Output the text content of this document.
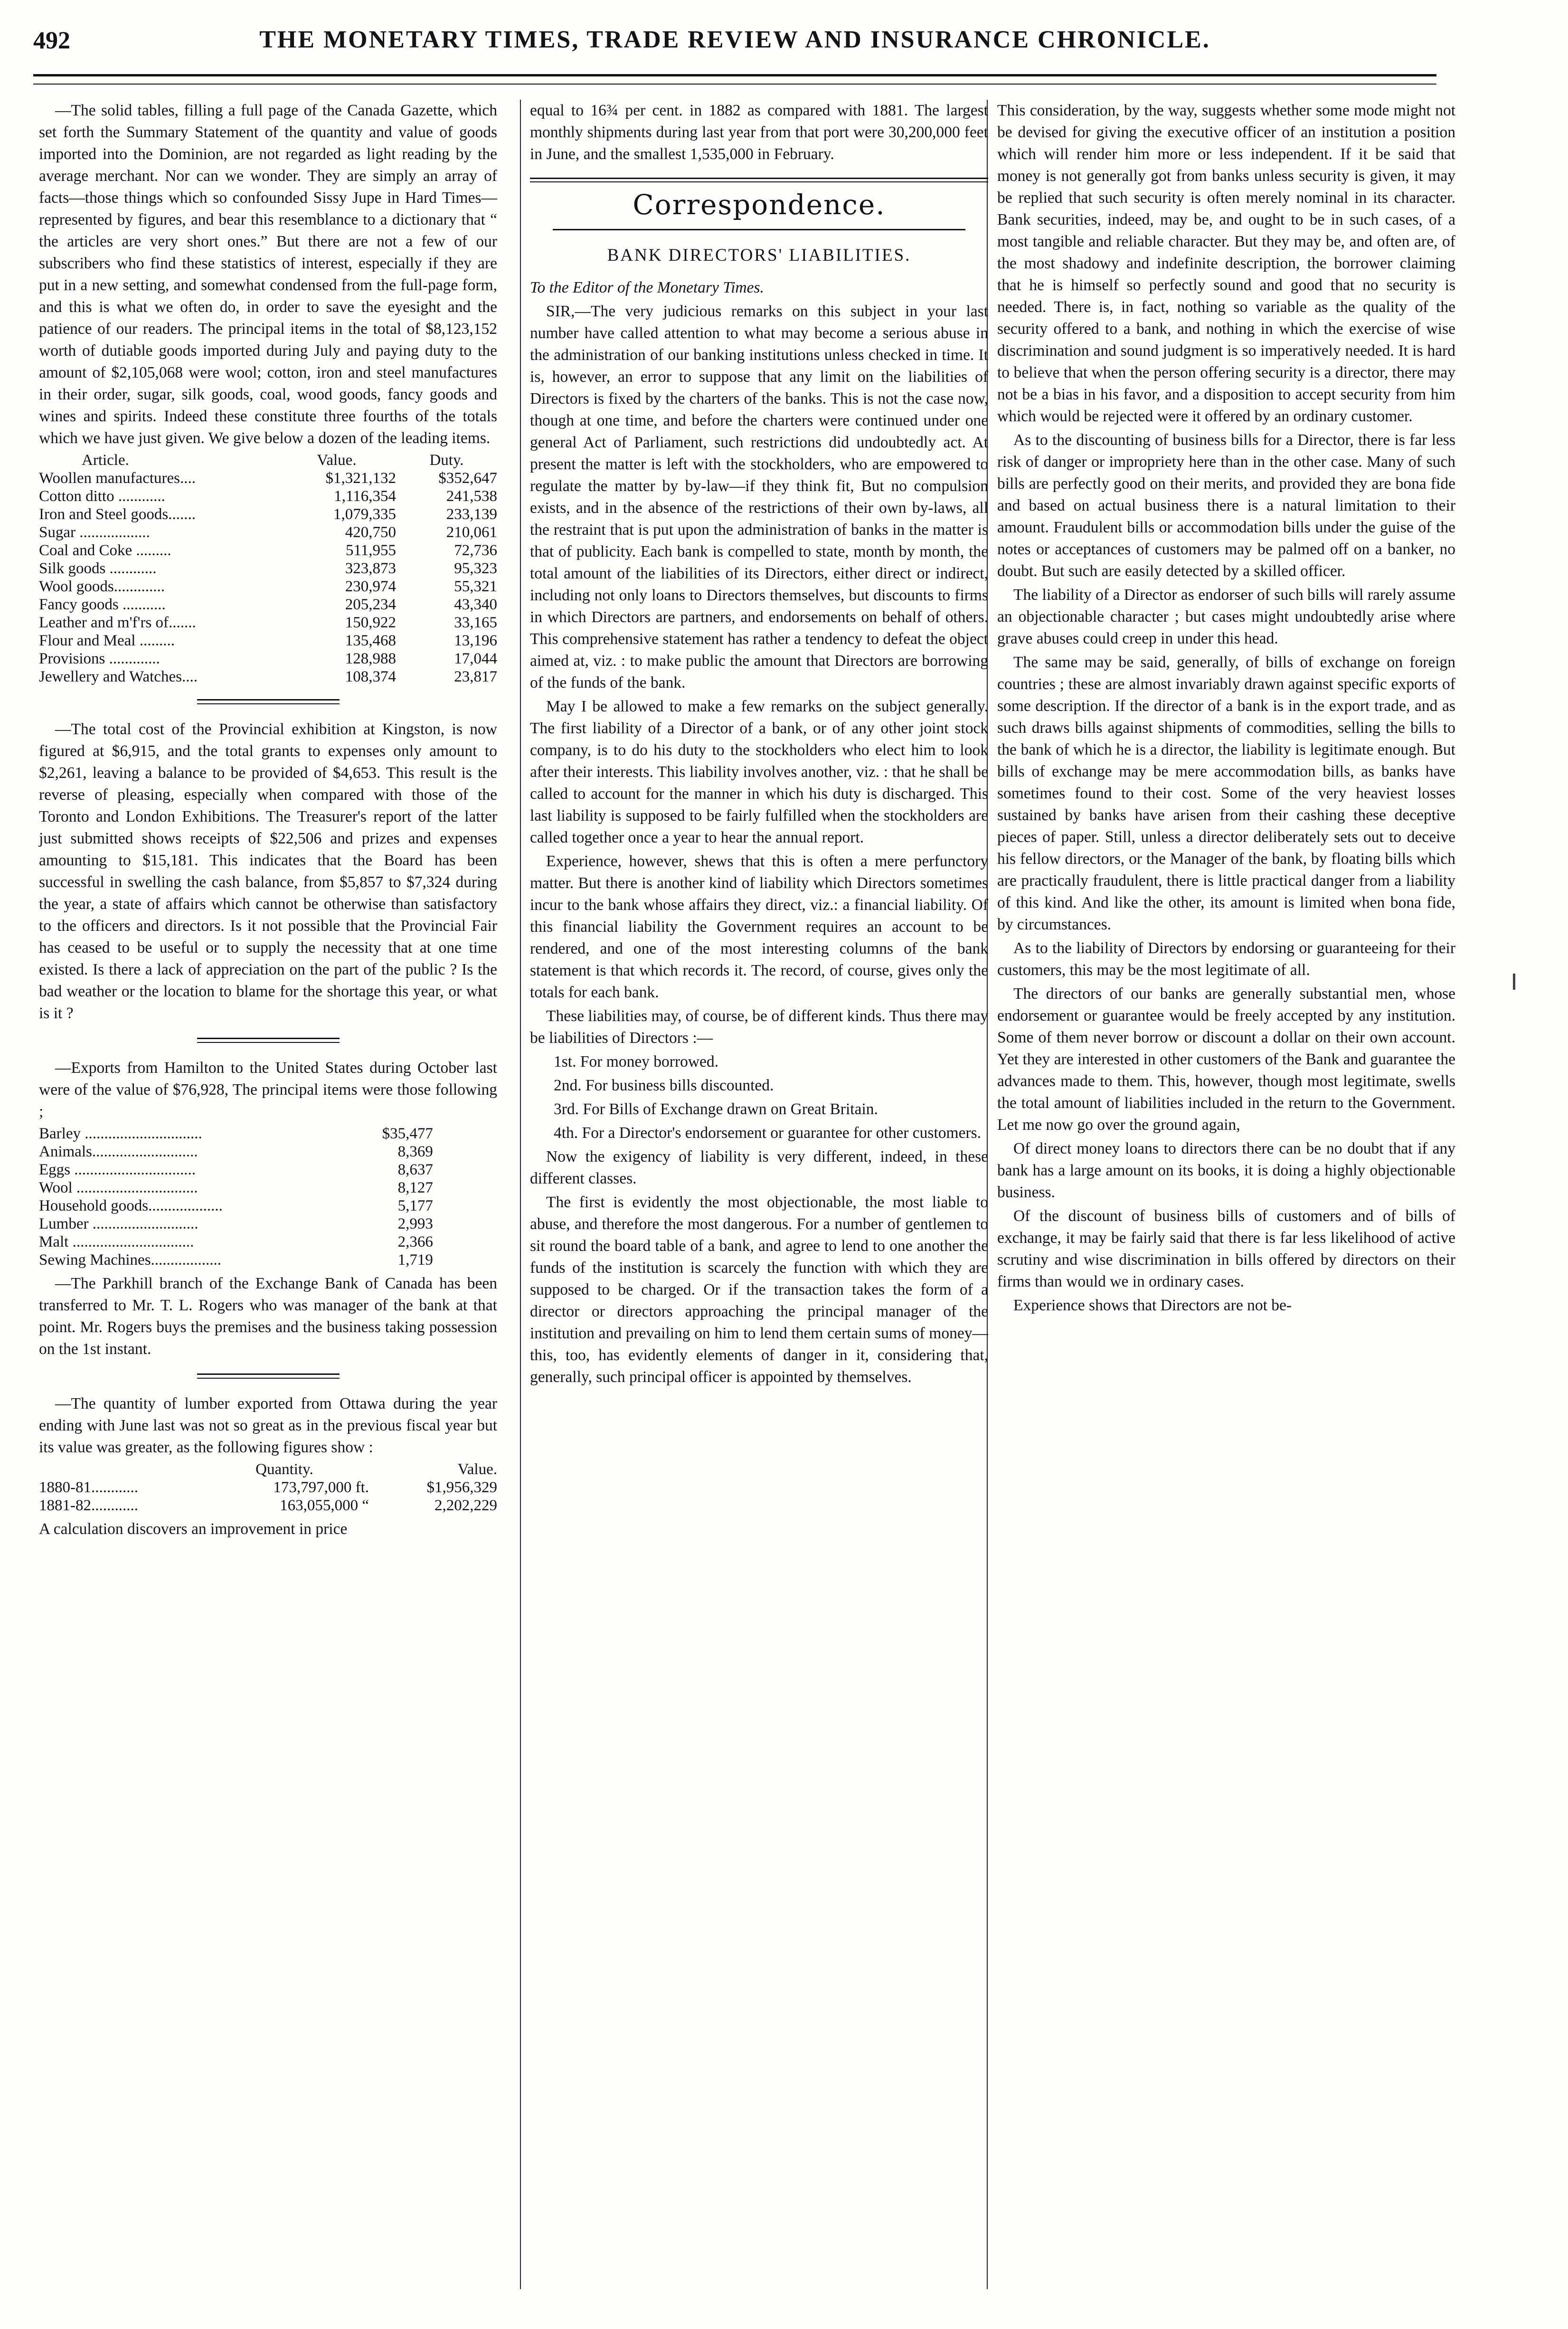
492	THE MONETARY TIMES, TRADE REVIEW AND INSURANCE CHRONICLE.

—The solid tables, filling a full page of the Canada Gazette, which set forth the Summary Statement of the quantity and value of goods imported into the Dominion, are not regarded as light reading by the average merchant. Nor can we wonder. They are simply an array of facts—those things which so confounded Sissy Jupe in Hard Times—represented by figures, and bear this resemblance to a dictionary that “ the articles are very short ones.” But there are not a few of our subscribers who find these statistics of interest, especially if they are put in a new setting, and somewhat condensed from the full-page form, and this is what we often do, in order to save the eyesight and the patience of our readers. The principal items in the total of $8,123,152 worth of dutiable goods imported during July and paying duty to the amount of $2,105,068 were wool; cotton, iron and steel manufactures in their order, sugar, silk goods, coal, wood goods, fancy goods and wines and spirits. Indeed these constitute three fourths of the totals which we have just given. We give below a dozen of the leading items.

Article.	Value.	Duty.
Woollen manufactures....	$1,321,132	$352,647
Cotton ditto ............	1,116,354	241,538
Iron and Steel goods.......	1,079,335	233,139
Sugar ..................	420,750	210,061
Coal and Coke .........	511,955	72,736
Silk goods ............	323,873	95,323
Wool goods.............	230,974	55,321
Fancy goods ...........	205,234	43,340
Leather and m'f'rs of.......	150,922	33,165
Flour and Meal .........	135,468	13,196
Provisions .............	128,988	17,044
Jewellery and Watches....	108,374	23,817

—The total cost of the Provincial exhibition at Kingston, is now figured at $6,915, and the total grants to expenses only amount to $2,261, leaving a balance to be provided of $4,653. This result is the reverse of pleasing, especially when compared with those of the Toronto and London Exhibitions. The Treasurer's report of the latter just submitted shows receipts of $22,506 and prizes and expenses amounting to $15,181. This indicates that the Board has been successful in swelling the cash balance, from $5,857 to $7,324 during the year, a state of affairs which cannot be otherwise than satisfactory to the officers and directors. Is it not possible that the Provincial Fair has ceased to be useful or to supply the necessity that at one time existed. Is there a lack of appreciation on the part of the public ? Is the bad weather or the location to blame for the shortage this year, or what is it ?

—Exports from Hamilton to the United States during October last were of the value of $76,928, The principal items were those following ;

Barley ..............................	$35,477
Animals...........................	8,369
Eggs ...............................	8,637
Wool ...............................	8,127
Household goods...................	5,177
Lumber ...........................	2,993
Malt ...............................	2,366
Sewing Machines..................	1,719

—The Parkhill branch of the Exchange Bank of Canada has been transferred to Mr. T. L. Rogers who was manager of the bank at that point. Mr. Rogers buys the premises and the business taking possession on the 1st instant.

—The quantity of lumber exported from Ottawa during the year ending with June last was not so great as in the previous fiscal year but its value was greater, as the following figures show :

	Quantity.	Value.
1880-81............	173,797,000 ft.	$1,956,329
1881-82............	163,055,000 “	2,202,229

A calculation discovers an improvement in price

equal to 16¾ per cent. in 1882 as compared with 1881. The largest monthly shipments during last year from that port were 30,200,000 feet in June, and the smallest 1,535,000 in February.

Correspondence.
BANK DIRECTORS' LIABILITIES.

To the Editor of the Monetary Times.

SIR,—The very judicious remarks on this subject in your last number have called attention to what may become a serious abuse in the administration of our banking institutions unless checked in time. It is, however, an error to suppose that any limit on the liabilities of Directors is fixed by the charters of the banks. This is not the case now, though at one time, and before the charters were continued under one general Act of Parliament, such restrictions did undoubtedly act. At present the matter is left with the stockholders, who are empowered to regulate the matter by by-law—if they think fit, But no compulsion exists, and in the absence of the restrictions of their own by-laws, all the restraint that is put upon the administration of banks in the matter is that of publicity. Each bank is compelled to state, month by month, the total amount of the liabilities of its Directors, either direct or indirect, including not only loans to Directors themselves, but discounts to firms in which Directors are partners, and endorsements on behalf of others. This comprehensive statement has rather a tendency to defeat the object aimed at, viz. : to make public the amount that Directors are borrowing of the funds of the bank.

May I be allowed to make a few remarks on the subject generally. The first liability of a Director of a bank, or of any other joint stock company, is to do his duty to the stockholders who elect him to look after their interests. This liability involves another, viz. : that he shall be called to account for the manner in which his duty is discharged. This last liability is supposed to be fairly fulfilled when the stockholders are called together once a year to hear the annual report.

Experience, however, shews that this is often a mere perfunctory matter. But there is another kind of liability which Directors sometimes incur to the bank whose affairs they direct, viz.: a financial liability. Of this financial liability the Government requires an account to be rendered, and one of the most interesting columns of the bank statement is that which records it. The record, of course, gives only the totals for each bank.

These liabilities may, of course, be of different kinds. Thus there may be liabilities of Directors :—

1st. For money borrowed.

2nd. For business bills discounted.

3rd. For Bills of Exchange drawn on Great Britain.

4th. For a Director's endorsement or guarantee for other customers.

Now the exigency of liability is very different, indeed, in these different classes.

The first is evidently the most objectionable, the most liable to abuse, and therefore the most dangerous. For a number of gentlemen to sit round the board table of a bank, and agree to lend to one another the funds of the institution is scarcely the function with which they are supposed to be charged. Or if the transaction takes the form of a director or directors approaching the principal manager of the institution and prevailing on him to lend them certain sums of money—this, too, has evidently elements of danger in it, considering that, generally, such principal officer is appointed by themselves.

This consideration, by the way, suggests whether some mode might not be devised for giving the executive officer of an institution a position which will render him more or less independent. If it be said that money is not generally got from banks unless security is given, it may be replied that such security is often merely nominal in its character. Bank securities, indeed, may be, and ought to be in such cases, of a most tangible and reliable character. But they may be, and often are, of the most shadowy and indefinite description, the borrower claiming that he is himself so perfectly sound and good that no security is needed. There is, in fact, nothing so variable as the quality of the security offered to a bank, and nothing in which the exercise of wise discrimination and sound judgment is so imperatively needed. It is hard to believe that when the person offering security is a director, there may not be a bias in his favor, and a disposition to accept security from him which would be rejected were it offered by an ordinary customer.

As to the discounting of business bills for a Director, there is far less risk of danger or impropriety here than in the other case. Many of such bills are perfectly good on their merits, and provided they are bona fide and based on actual business there is a natural limitation to their amount. Fraudulent bills or accommodation bills under the guise of the notes or acceptances of customers may be palmed off on a banker, no doubt. But such are easily detected by a skilled officer.

The liability of a Director as endorser of such bills will rarely assume an objectionable character ; but cases might undoubtedly arise where grave abuses could creep in under this head.

The same may be said, generally, of bills of exchange on foreign countries ; these are almost invariably drawn against specific exports of some description. If the director of a bank is in the export trade, and as such draws bills against shipments of commodities, selling the bills to the bank of which he is a director, the liability is legitimate enough. But bills of exchange may be mere accommodation bills, as banks have sometimes found to their cost. Some of the very heaviest losses sustained by banks have arisen from their cashing these deceptive pieces of paper. Still, unless a director deliberately sets out to deceive his fellow directors, or the Manager of the bank, by floating bills which are practically fraudulent, there is little practical danger from a liability of this kind. And like the other, its amount is limited when bona fide, by circumstances.

As to the liability of Directors by endorsing or guaranteeing for their customers, this may be the most legitimate of all.

The directors of our banks are generally substantial men, whose endorsement or guarantee would be freely accepted by any institution. Some of them never borrow or discount a dollar on their own account. Yet they are interested in other customers of the Bank and guarantee the advances made to them. This, however, though most legitimate, swells the total amount of liabilities included in the return to the Government. Let me now go over the ground again,

Of direct money loans to directors there can be no doubt that if any bank has a large amount on its books, it is doing a highly objectionable business.

Of the discount of business bills of customers and of bills of exchange, it may be fairly said that there is far less likelihood of active scrutiny and wise discrimination in bills offered by directors on their firms than would we in ordinary cases.

Experience shows that Directors are not be-
